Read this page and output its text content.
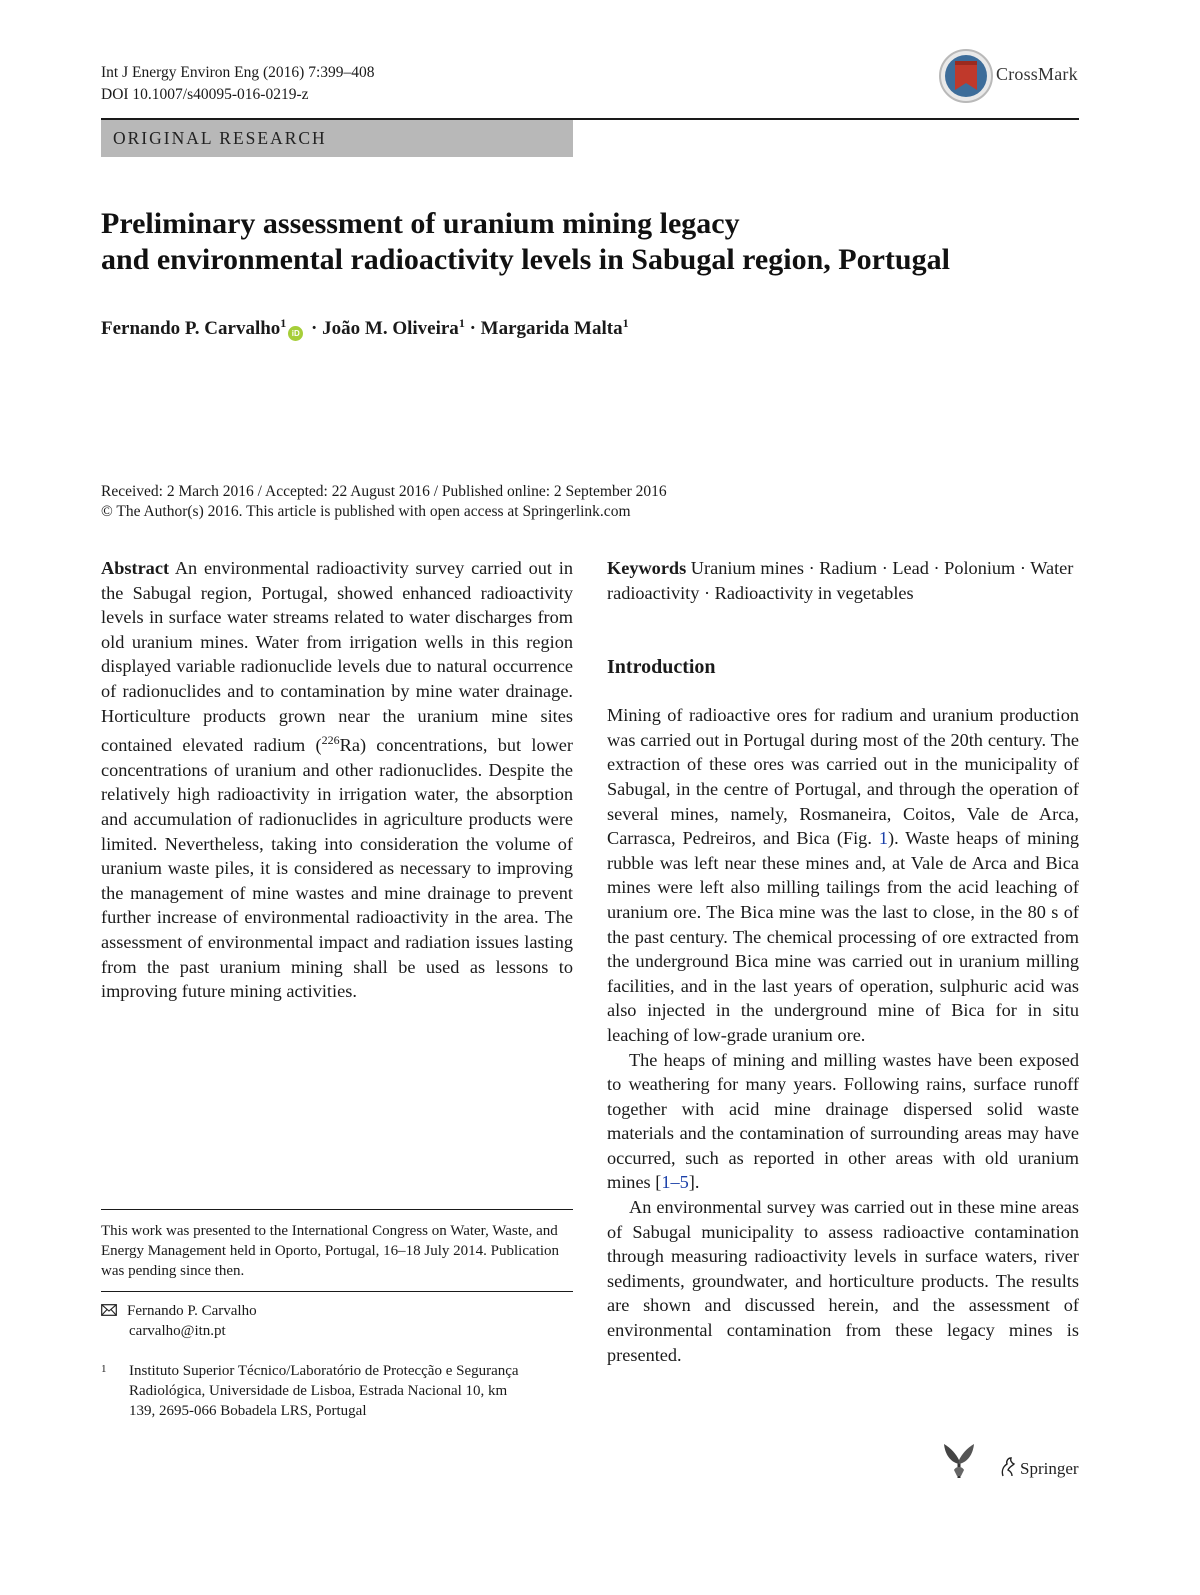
Int J Energy Environ Eng (2016) 7:399–408
DOI 10.1007/s40095-016-0219-z
CrossMark
ORIGINAL RESEARCH
Preliminary assessment of uranium mining legacy
and environmental radioactivity levels in Sabugal region, Portugal
Fernando P. Carvalho$^1$iD · João M. Oliveira$^1$ · Margarida Malta$^1$
Received: 2 March 2016 / Accepted: 22 August 2016 / Published online: 2 September 2016
© The Author(s) 2016. This article is published with open access at Springerlink.com

Abstract An environmental radioactivity survey carried out in the Sabugal region, Portugal, showed enhanced radioactivity levels in surface water streams related to water discharges from old uranium mines. Water from irrigation wells in this region displayed variable radionuclide levels due to natural occurrence of radionuclides and to contamination by mine water drainage. Horticulture products grown near the uranium mine sites contained elevated radium ($^{226}$Ra) concentrations, but lower concentrations of uranium and other radionuclides. Despite the relatively high radioactivity in irrigation water, the absorption and accumulation of radionuclides in agriculture products were limited. Nevertheless, taking into consideration the volume of uranium waste piles, it is considered as necessary to improving the management of mine wastes and mine drainage to prevent further increase of environmental radioactivity in the area. The assessment of environmental impact and radiation issues lasting from the past uranium mining shall be used as lessons to improving future mining activities.

This work was presented to the International Congress on Water, Waste, and Energy Management held in Oporto, Portugal, 16–18 July 2014. Publication was pending since then.
Fernando P. Carvalho
carvalho@itn.pt
1	Instituto Superior Técnico/Laboratório de Protecção e Segurança Radiológica, Universidade de Lisboa, Estrada Nacional 10, km 139, 2695-066 Bobadela LRS, Portugal

Keywords Uranium mines · Radium · Lead · Polonium · Water radioactivity · Radioactivity in vegetables

Introduction

Mining of radioactive ores for radium and uranium production was carried out in Portugal during most of the 20th century. The extraction of these ores was carried out in the municipality of Sabugal, in the centre of Portugal, and through the operation of several mines, namely, Rosmaneira, Coitos, Vale de Arca, Carrasca, Pedreiros, and Bica (Fig. 1). Waste heaps of mining rubble was left near these mines and, at Vale de Arca and Bica mines were left also milling tailings from the acid leaching of uranium ore. The Bica mine was the last to close, in the 80 s of the past century. The chemical processing of ore extracted from the underground Bica mine was carried out in uranium milling facilities, and in the last years of operation, sulphuric acid was also injected in the underground mine of Bica for in situ leaching of low-grade uranium ore.

The heaps of mining and milling wastes have been exposed to weathering for many years. Following rains, surface runoff together with acid mine drainage dispersed solid waste materials and the contamination of surrounding areas may have occurred, such as reported in other areas with old uranium mines [1–5].

An environmental survey was carried out in these mine areas of Sabugal municipality to assess radioactive contamination through measuring radioactivity levels in surface waters, river sediments, groundwater, and horticulture products. The results are shown and discussed herein, and the assessment of environmental contamination from these legacy mines is presented.

Springer
